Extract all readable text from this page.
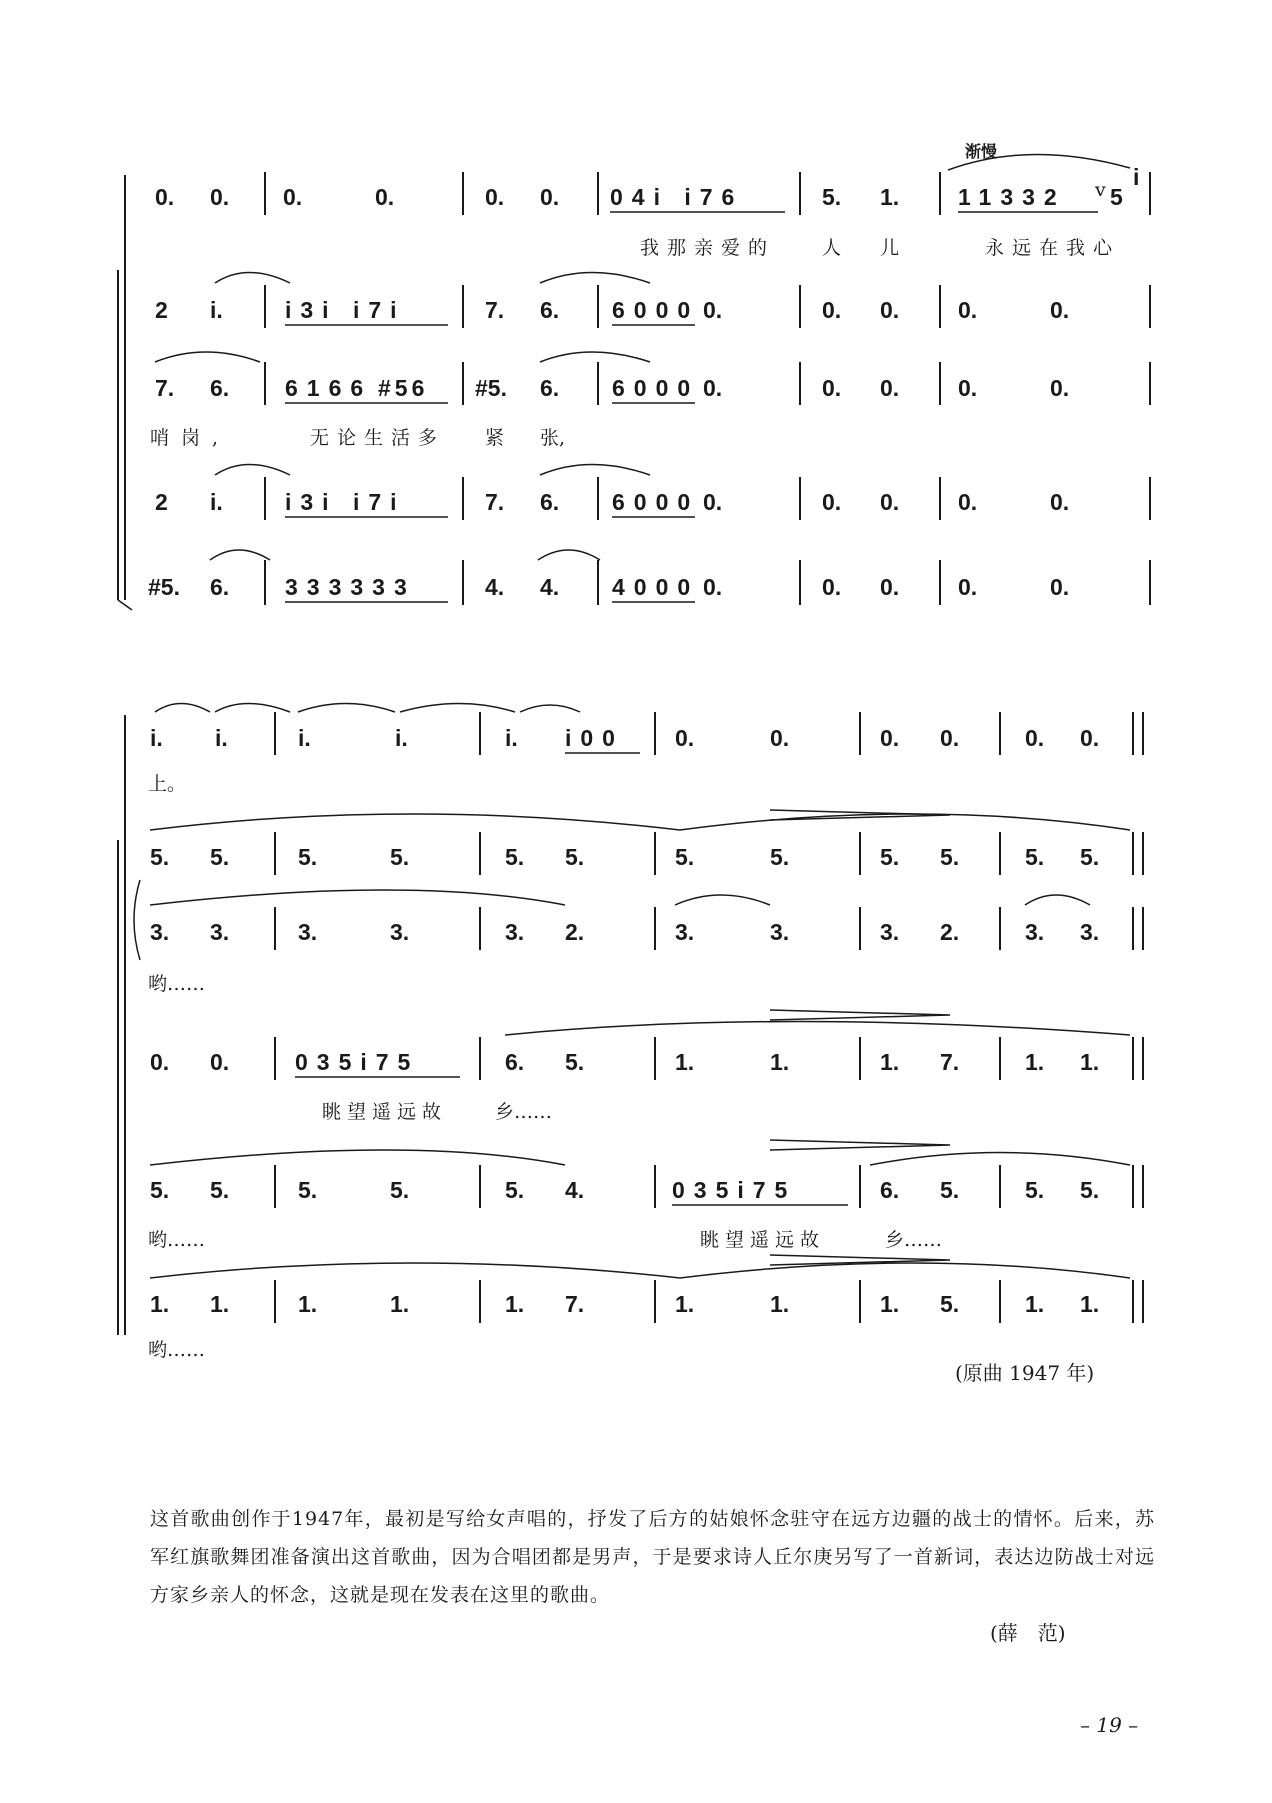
渐慢
0. 0. 0.	0.	0. 0. 04i i76	5. 1.	11332 v 5
i
我那亲爱的 人 儿	永远在我心
2 i.	i3i i7i	7. 6. 6000 0.	0. 0.	0.	0.
7. 6. 6166 #56 #5. 6. 6000 0.	0. 0.	0.	0.
哨岗,	无论生活多 紧 张,
2 i.	i3i i7i	7. 6. 6000 0.	0. 0.	0.	0.
#5. 6. 333333	4. 4. 4000 0.	0. 0.	0.	0.
i. i.	i.	i.	i. i00 0.	0.	0. 0.	0. 0.
上。
5. 5.	5.	5.	5. 5.	5.	5.	5. 5.	5. 5.
3. 3.	3.	3.	3. 2.	3.	3.	3. 2.	3. 3.
哟……
0. 0.	035i75	6. 5.	1.	1.	1. 7.	1. 1.
眺望遥远故	乡……
5. 5.	5.	5.	5. 4.	035i75	6. 5.	5. 5.
哟……	眺望遥远故	乡……
1. 1.	1.	1.	1. 7.	1.	1.	1. 5.	1. 1.
哟……
(原曲 1947 年)
这首歌曲创作于1947年，最初是写给女声唱的，抒发了后方的姑娘怀念驻守在远方边疆的战士的情怀。后来，苏军红旗歌舞团准备演出这首歌曲，因为合唱团都是男声，于是要求诗人丘尔庚另写了一首新词，表达边防战士对远方家乡亲人的怀念，这就是现在发表在这里的歌曲。
(薛　范)
– 19 –
